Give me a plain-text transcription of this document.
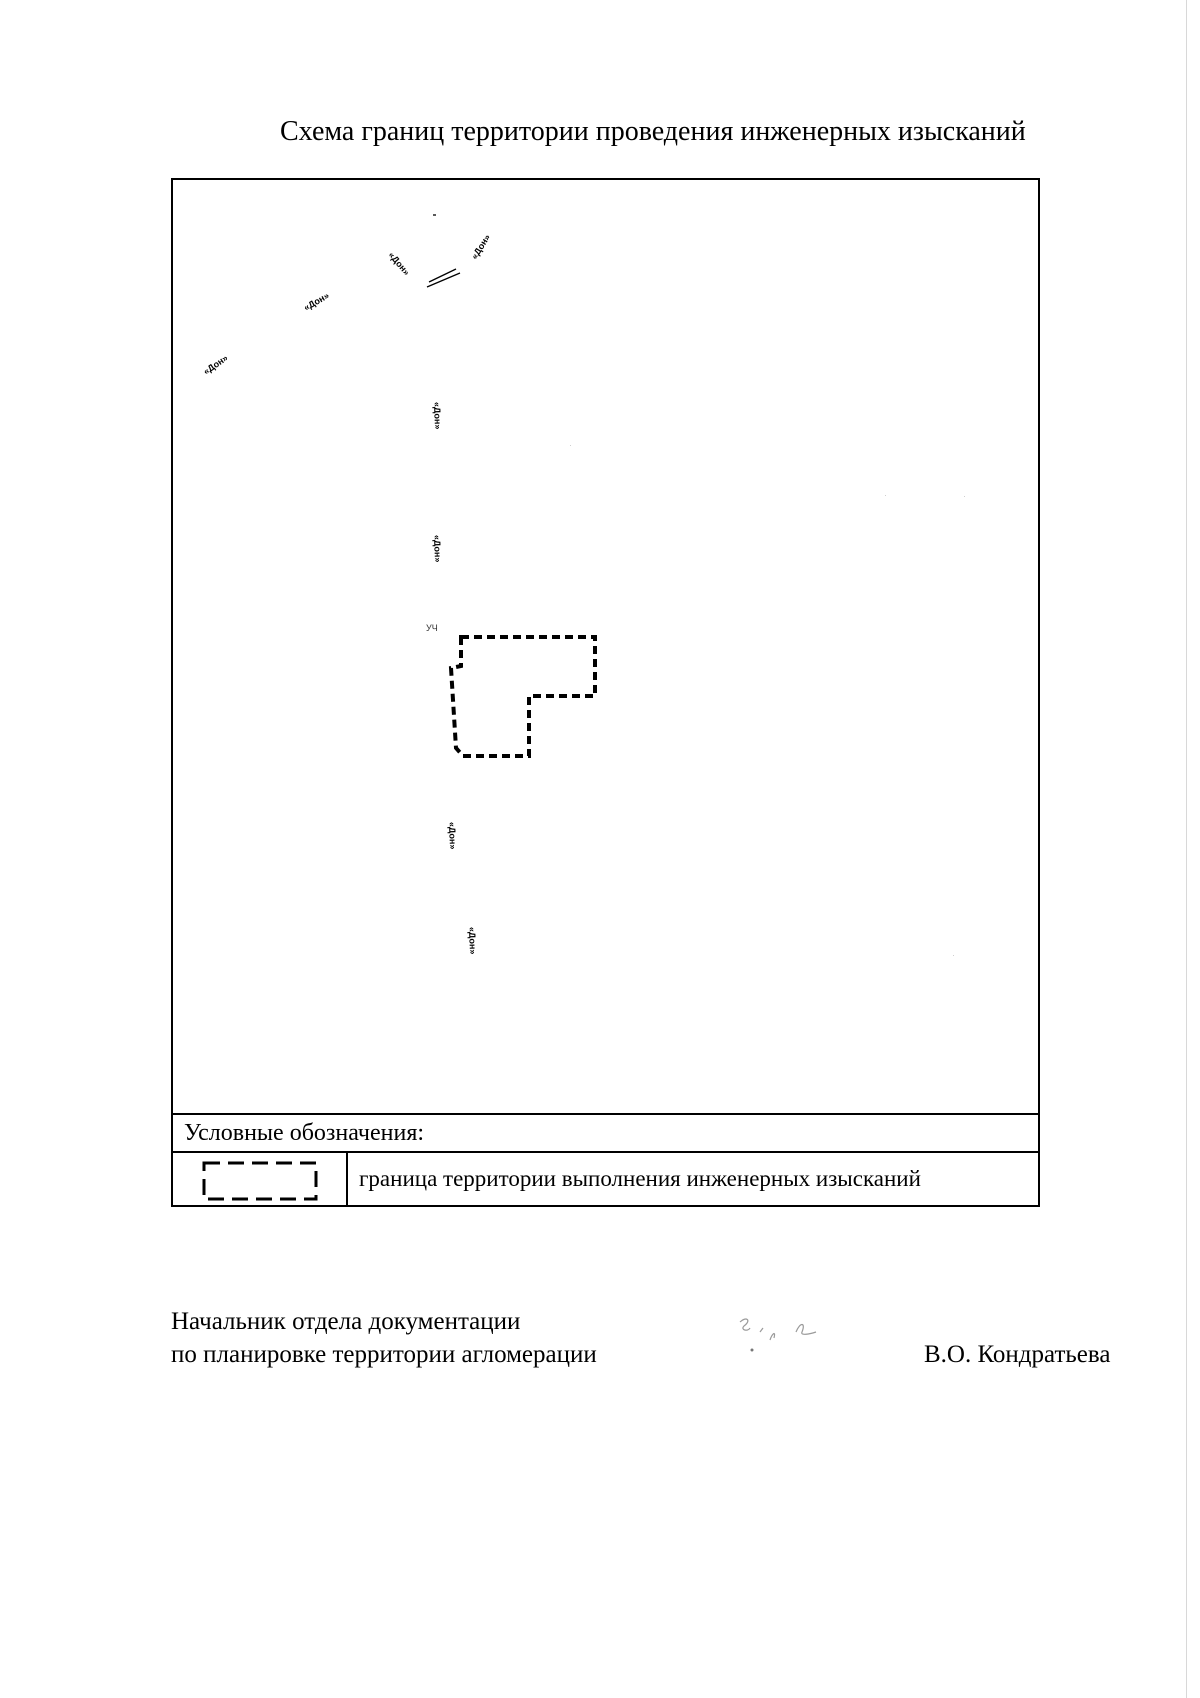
Схема границ территории проведения инженерных изысканий
«Дон»
«Дон»
«Дон»
«Дон»
«Дон»
«Дон»
«Дон»
«Дон»
УЧ
Условные обозначения:
граница территории выполнения инженерных изысканий
Начальник отдела документации
по планировке территории агломерации	В.О. Кондратьева
